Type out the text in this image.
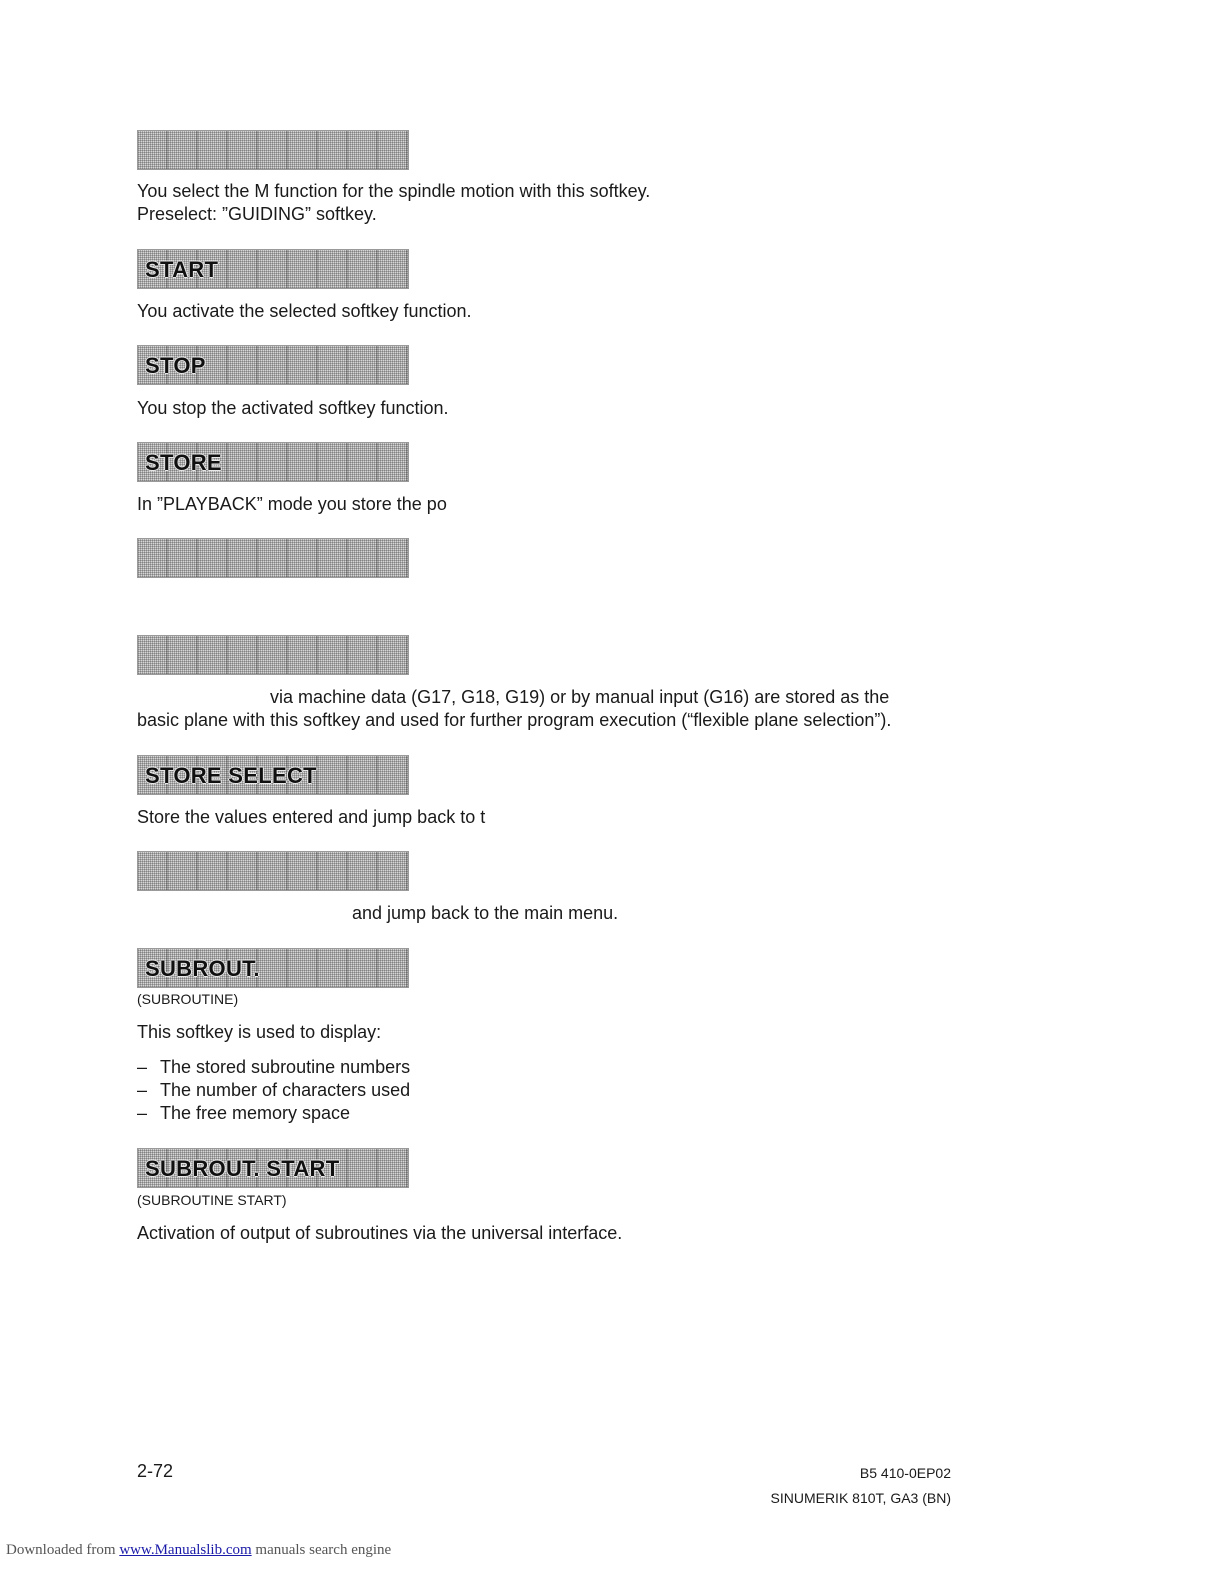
You select the M function for the spindle motion with this softkey.
Preselect: ”GUIDING” softkey.
START
You activate the selected softkey function.
STOP
You stop the activated softkey function.
STORE
In ”PLAYBACK” mode you store the po
via machine data (G17, G18, G19) or by manual input (G16) are stored as the
basic plane with this softkey and used for further program execution (“flexible plane selection”).
STORE SELECT
Store the values entered and jump back to t
and jump back to the main menu.
SUBROUT.
(SUBROUTINE)
This softkey is used to display:
– The stored subroutine numbers
– The number of characters used
– The free memory space
SUBROUT. START
(SUBROUTINE START)
Activation of output of subroutines via the universal interface.
2-72	B5 410-0EP02
SINUMERIK 810T, GA3 (BN)
Downloaded from www.Manualslib.com manuals search engine
